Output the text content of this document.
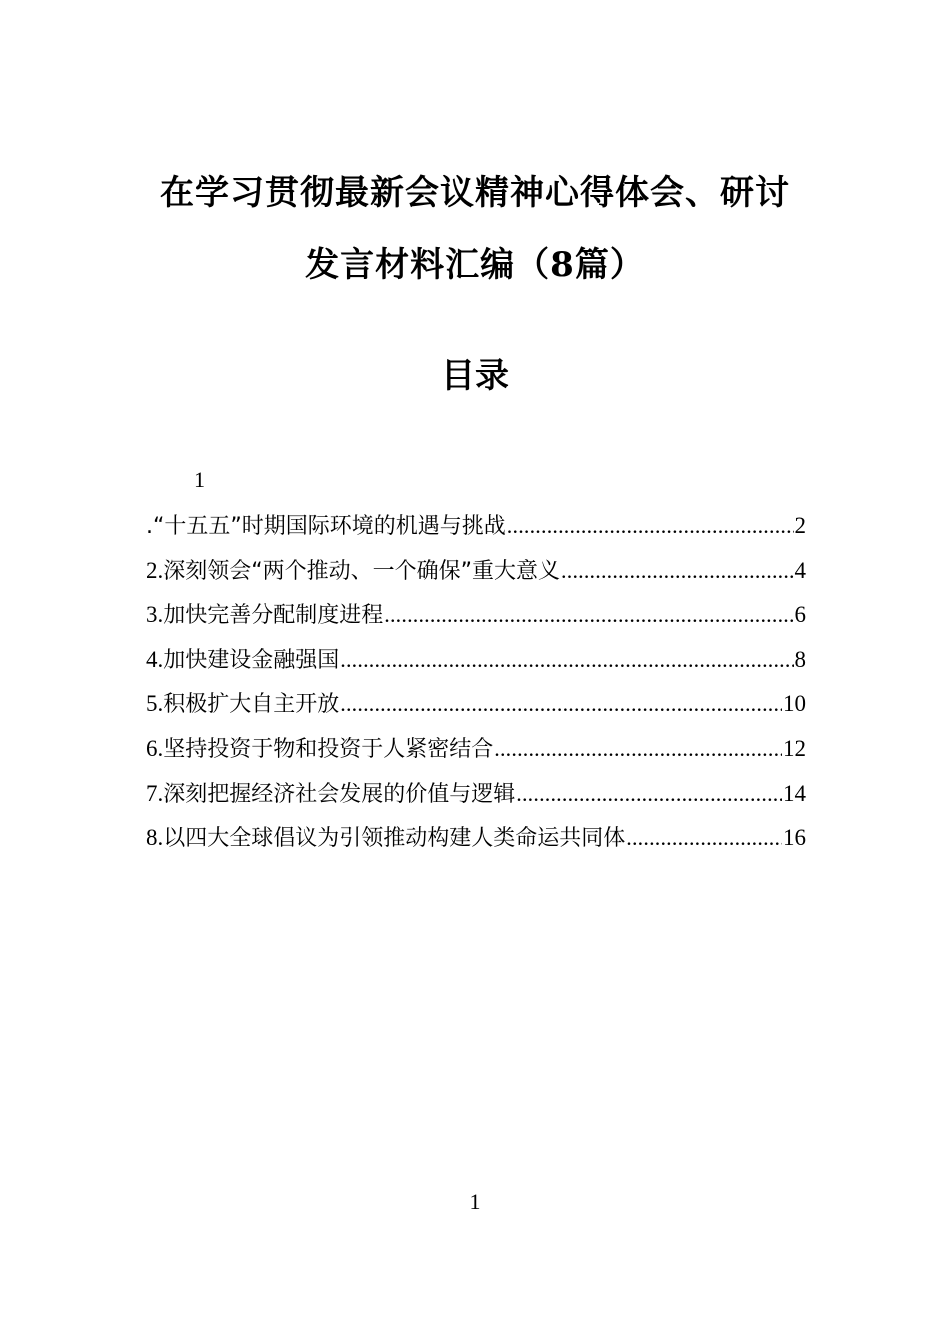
在学习贯彻最新会议精神心得体会、研讨
发言材料汇编（8篇）
目录
1
.“十五五”时期国际环境的机遇与挑战 .....	2
2. 深刻领会“两个推动、一个确保”重大意义 .....	4
3. 加快完善分配制度进程 .....	6
4. 加快建设金融强国 .....	8
5. 积极扩大自主开放 .....	10
6. 坚持投资于物和投资于人紧密结合 .....	12
7. 深刻把握经济社会发展的价值与逻辑 .....	14
8. 以四大全球倡议为引领推动构建人类命运共同体 .....	16
1
